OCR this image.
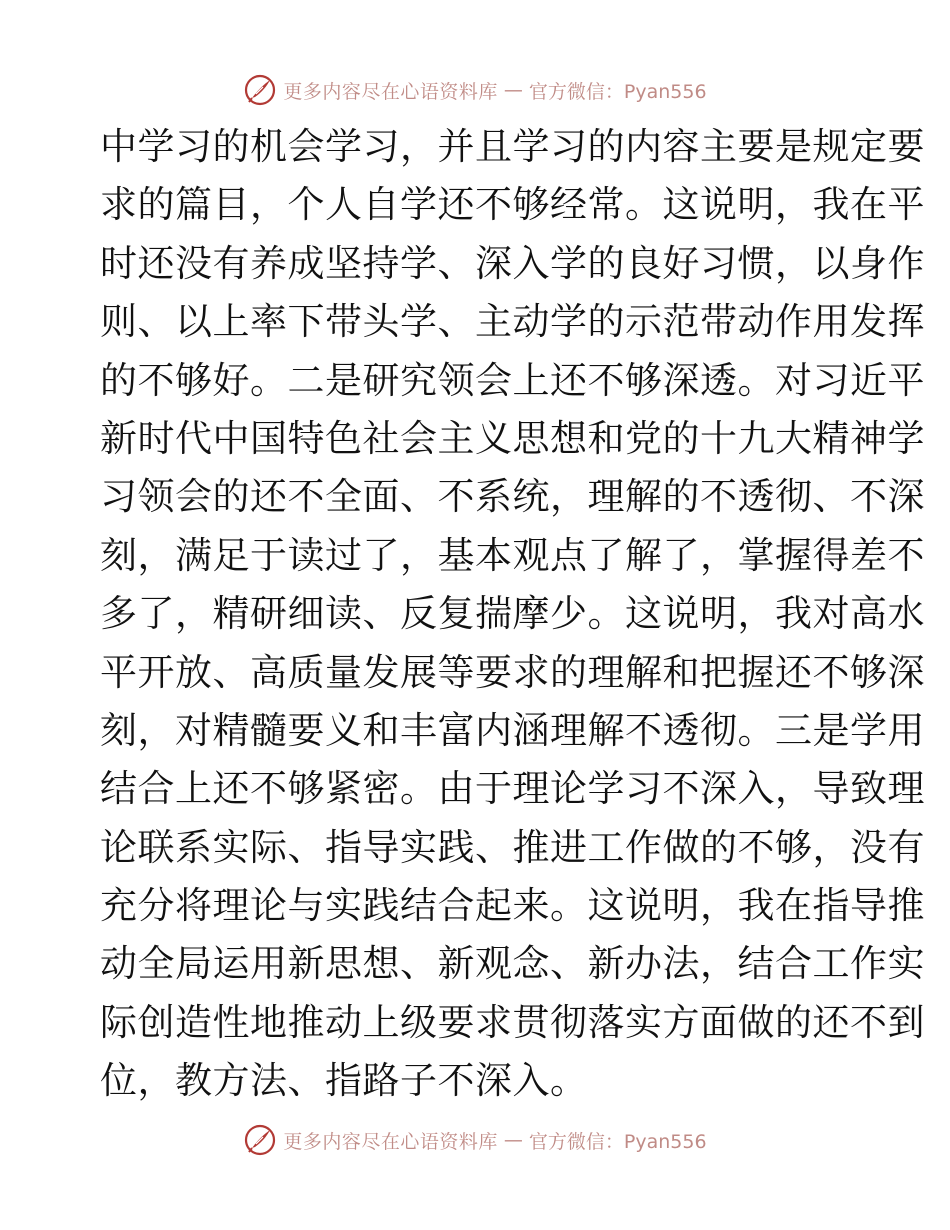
更多内容尽在心语资料库 — 官方微信：Pyan556
中学习的机会学习，并且学习的内容主要是规定要
求的篇目，个人自学还不够经常。这说明，我在平
时还没有养成坚持学、深入学的良好习惯，以身作
则、以上率下带头学、主动学的示范带动作用发挥
的不够好。二是研究领会上还不够深透。对习近平
新时代中国特色社会主义思想和党的十九大精神学
习领会的还不全面、不系统，理解的不透彻、不深
刻，满足于读过了，基本观点了解了，掌握得差不
多了，精研细读、反复揣摩少。这说明，我对高水
平开放、高质量发展等要求的理解和把握还不够深
刻，对精髓要义和丰富内涵理解不透彻。三是学用
结合上还不够紧密。由于理论学习不深入，导致理
论联系实际、指导实践、推进工作做的不够，没有
充分将理论与实践结合起来。这说明，我在指导推
动全局运用新思想、新观念、新办法，结合工作实
际创造性地推动上级要求贯彻落实方面做的还不到
位，教方法、指路子不深入。
更多内容尽在心语资料库 — 官方微信：Pyan556
